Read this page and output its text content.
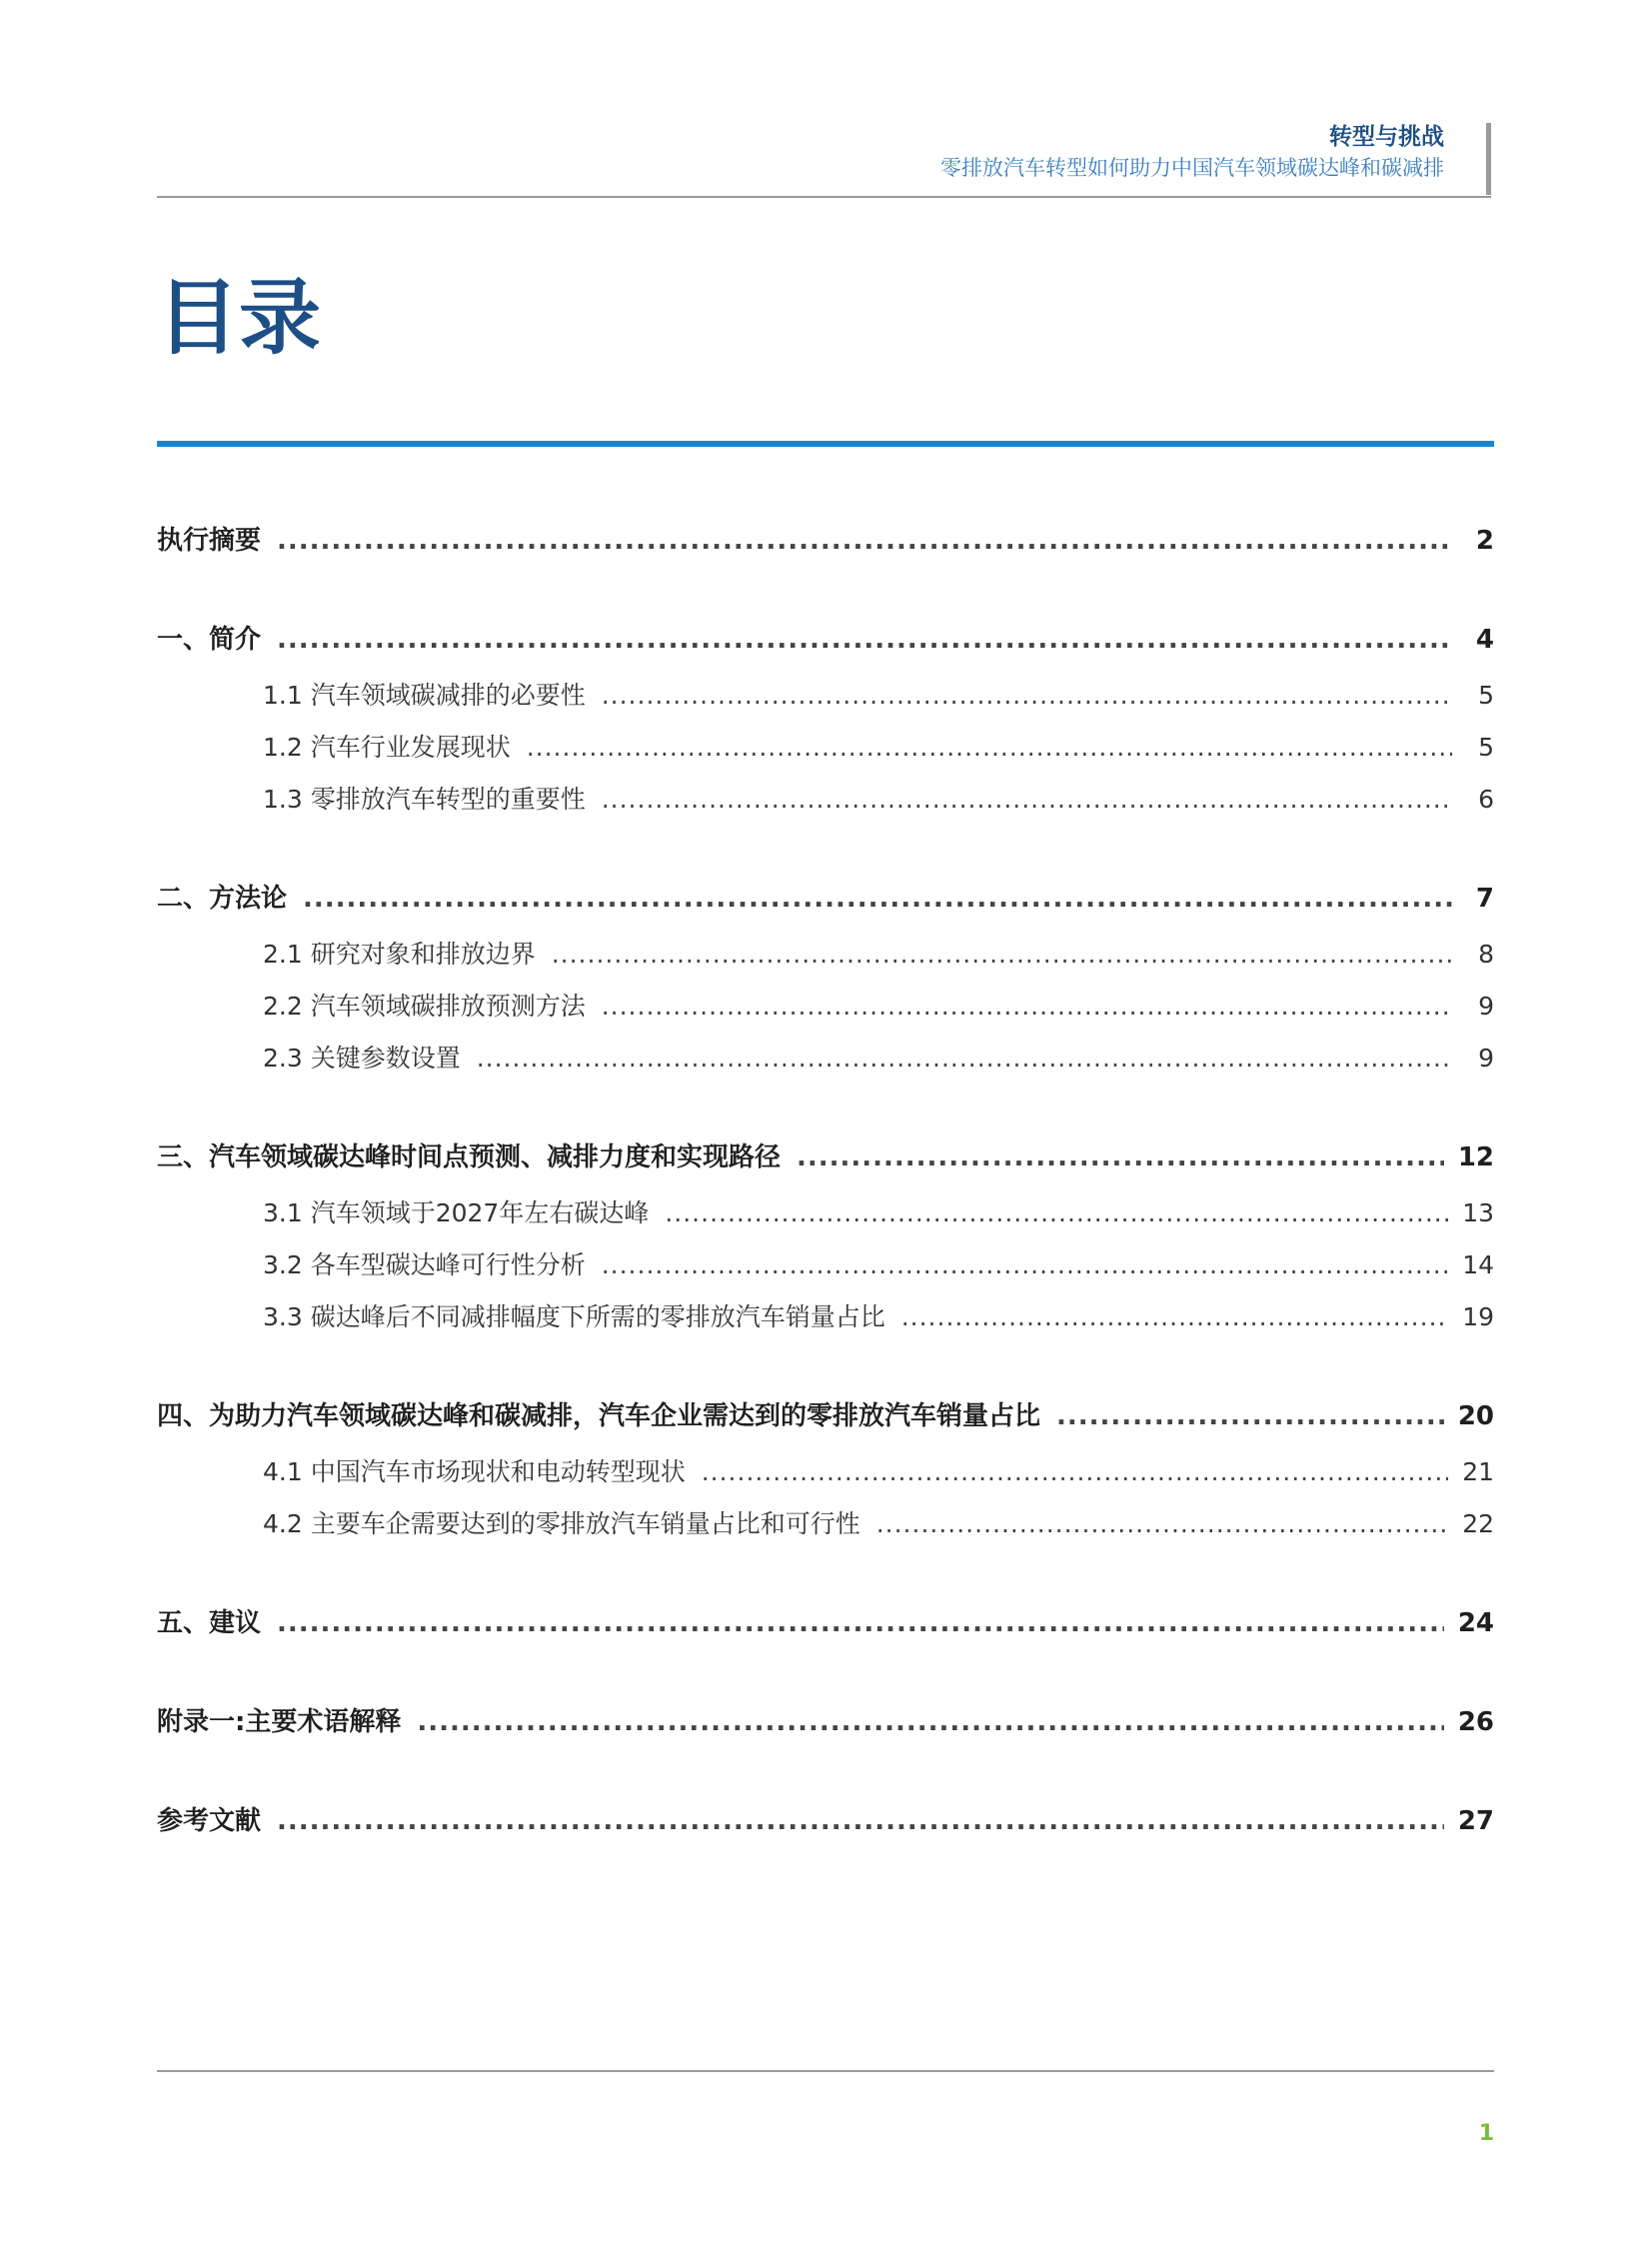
转型与挑战
零排放汽车转型如何助力中国汽车领域碳达峰和碳减排
目录
执行摘要 .....	2
一、简介 .....	4
1.1 汽车领域碳减排的必要性 .....	5
1.2 汽车行业发展现状 .....	5
1.3 零排放汽车转型的重要性 .....	6
二、方法论 .....	7
2.1 研究对象和排放边界 .....	8
2.2 汽车领域碳排放预测方法 .....	9
2.3 关键参数设置 .....	9
三、汽车领域碳达峰时间点预测、减排力度和实现路径 .....	12
3.1 汽车领域于2027年左右碳达峰 .....	13
3.2 各车型碳达峰可行性分析 .....	14
3.3 碳达峰后不同减排幅度下所需的零排放汽车销量占比 .....	19
四、为助力汽车领域碳达峰和碳减排，汽车企业需达到的零排放汽车销量占比 .....	20
4.1 中国汽车市场现状和电动转型现状 .....	21
4.2 主要车企需要达到的零排放汽车销量占比和可行性 .....	22
五、建议 .....	24
附录一:主要术语解释 .....	26
参考文献 .....	27
1
